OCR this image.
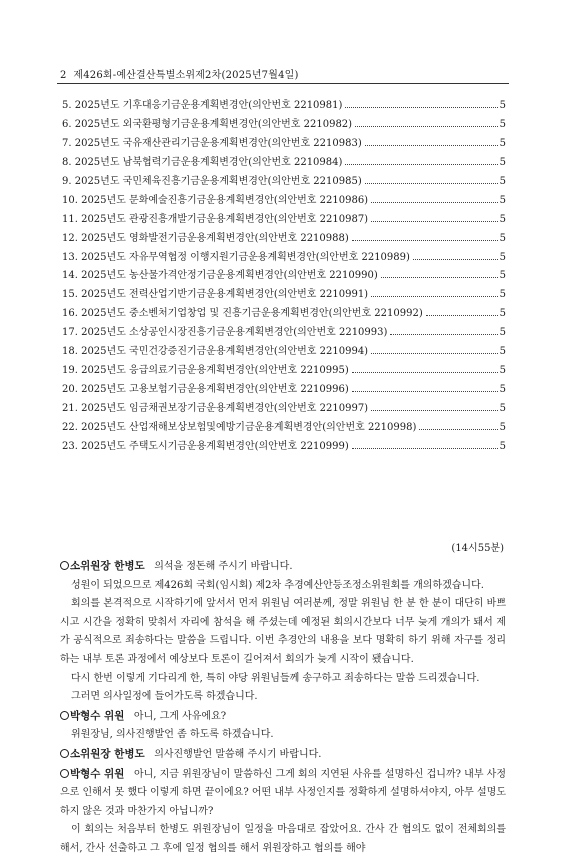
2 제426회-예산결산특별소위제2차(2025년7월4일)
5. 2025년도 기후대응기금운용계획변경안(의안번호 2210981)	5
6. 2025년도 외국환평형기금운용계획변경안(의안번호 2210982)	5
7. 2025년도 국유재산관리기금운용계획변경안(의안번호 2210983)	5
8. 2025년도 남북협력기금운용계획변경안(의안번호 2210984)	5
9. 2025년도 국민체육진흥기금운용계획변경안(의안번호 2210985)	5
10. 2025년도 문화예술진흥기금운용계획변경안(의안번호 2210986)	5
11. 2025년도 관광진흥개발기금운용계획변경안(의안번호 2210987)	5
12. 2025년도 영화발전기금운용계획변경안(의안번호 2210988)	5
13. 2025년도 자유무역협정 이행지원기금운용계획변경안(의안번호 2210989)	5
14. 2025년도 농산물가격안정기금운용계획변경안(의안번호 2210990)	5
15. 2025년도 전력산업기반기금운용계획변경안(의안번호 2210991)	5
16. 2025년도 중소벤처기업창업 및 진흥기금운용계획변경안(의안번호 2210992)	5
17. 2025년도 소상공인시장진흥기금운용계획변경안(의안번호 2210993)	5
18. 2025년도 국민건강증진기금운용계획변경안(의안번호 2210994)	5
19. 2025년도 응급의료기금운용계획변경안(의안번호 2210995)	5
20. 2025년도 고용보험기금운용계획변경안(의안번호 2210996)	5
21. 2025년도 임금채권보장기금운용계획변경안(의안번호 2210997)	5
22. 2025년도 산업재해보상보험및예방기금운용계획변경안(의안번호 2210998)	5
23. 2025년도 주택도시기금운용계획변경안(의안번호 2210999)	5
(14시55분)

소위원장 한병도 의석을 정돈해 주시기 바랍니다.

성원이 되었으므로 제426회 국회(임시회) 제2차 추경예산안등조정소위원회를 개의하겠습니다.

회의를 본격적으로 시작하기에 앞서서 먼저 위원님 여러분께, 정말 위원님 한 분 한 분이 대단히 바쁘시고 시간을 정확히 맞춰서 자리에 참석을 해 주셨는데 예정된 회의시간보다 너무 늦게 개의가 돼서 제가 공식적으로 죄송하다는 말씀을 드립니다. 이번 추경안의 내용을 보다 명확히 하기 위해 자구를 정리하는 내부 토론 과정에서 예상보다 토론이 길어져서 회의가 늦게 시작이 됐습니다.

다시 한번 이렇게 기다리게 한, 특히 야당 위원님들께 송구하고 죄송하다는 말씀 드리겠습니다.

그러면 의사일정에 들어가도록 하겠습니다.

박형수 위원 아니, 그게 사유에요?

위원장님, 의사진행발언 좀 하도록 하겠습니다.

소위원장 한병도 의사진행발언 말씀해 주시기 바랍니다.

박형수 위원 아니, 지금 위원장님이 말씀하신 그게 회의 지연된 사유를 설명하신 겁니까? 내부 사정으로 인해서 못 했다 이렇게 하면 끝이에요? 어떤 내부 사정인지를 정확하게 설명하셔야지, 아무 설명도 하지 않은 것과 마찬가지 아닙니까?

이 회의는 처음부터 한병도 위원장님이 일정을 마음대로 잡았어요. 간사 간 협의도 없이 전체회의를 해서, 간사 선출하고 그 후에 일정 협의를 해서 위원장하고 협의를 해야
